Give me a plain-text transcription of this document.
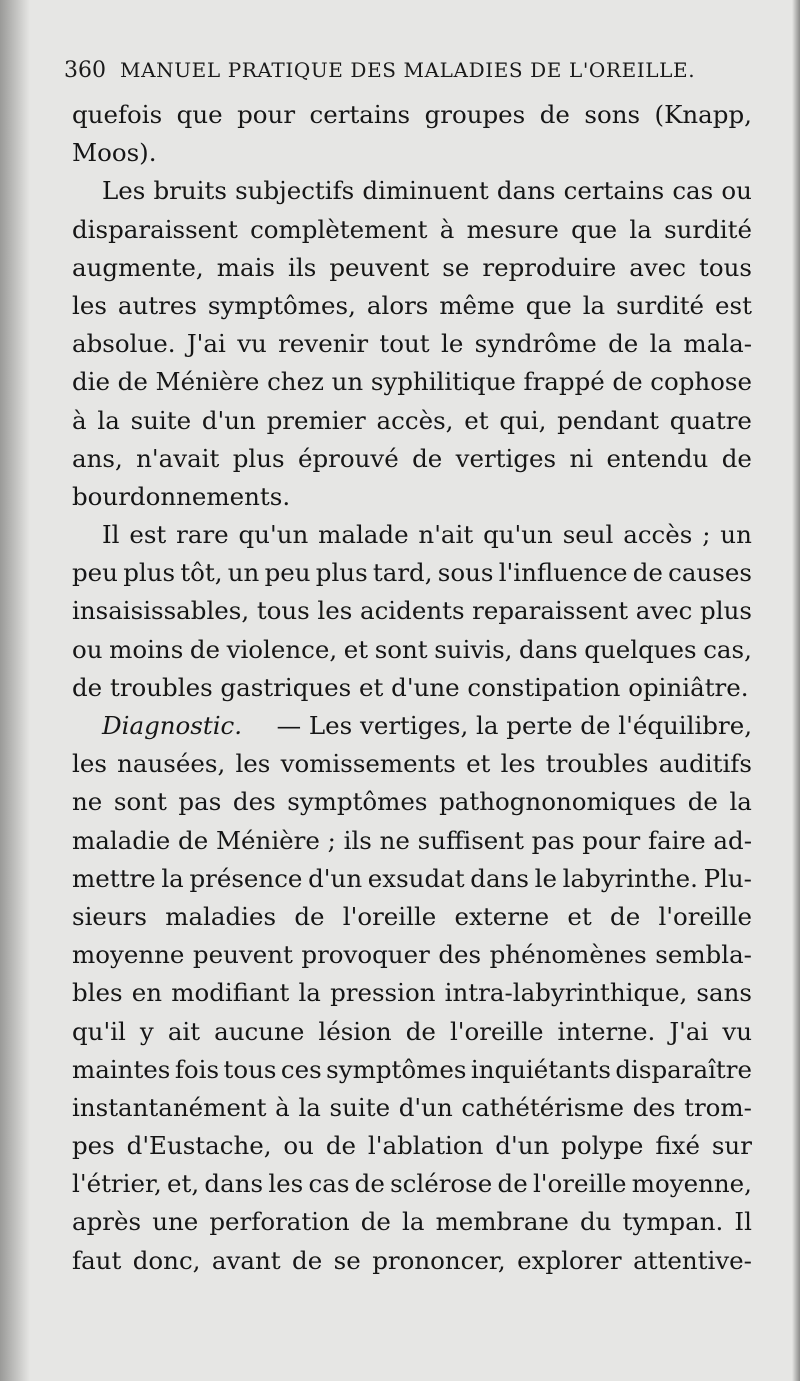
360 MANUEL PRATIQUE DES MALADIES DE L'OREILLE.
quefois que pour certains groupes de sons (Knapp,
Moos).
Les bruits subjectifs diminuent dans certains cas ou
disparaissent complètement à mesure que la surdité
augmente, mais ils peuvent se reproduire avec tous
les autres symptômes, alors même que la surdité est
absolue. J'ai vu revenir tout le syndrôme de la mala-
die de Ménière chez un syphilitique frappé de cophose
à la suite d'un premier accès, et qui, pendant quatre
ans, n'avait plus éprouvé de vertiges ni entendu de
bourdonnements.
Il est rare qu'un malade n'ait qu'un seul accès ; un
peu plus tôt, un peu plus tard, sous l'influence de causes
insaisissables, tous les acidents reparaissent avec plus
ou moins de violence, et sont suivis, dans quelques cas,
de troubles gastriques et d'une constipation opiniâtre.
Diagnostic. — Les vertiges, la perte de l'équilibre,
les nausées, les vomissements et les troubles auditifs
ne sont pas des symptômes pathognonomiques de la
maladie de Ménière ; ils ne suffisent pas pour faire ad-
mettre la présence d'un exsudat dans le labyrinthe. Plu-
sieurs maladies de l'oreille externe et de l'oreille
moyenne peuvent provoquer des phénomènes sembla-
bles en modifiant la pression intra-labyrinthique, sans
qu'il y ait aucune lésion de l'oreille interne. J'ai vu
maintes fois tous ces symptômes inquiétants disparaître
instantanément à la suite d'un cathétérisme des trom-
pes d'Eustache, ou de l'ablation d'un polype fixé sur
l'étrier, et, dans les cas de sclérose de l'oreille moyenne,
après une perforation de la membrane du tympan. Il
faut donc, avant de se prononcer, explorer attentive-
